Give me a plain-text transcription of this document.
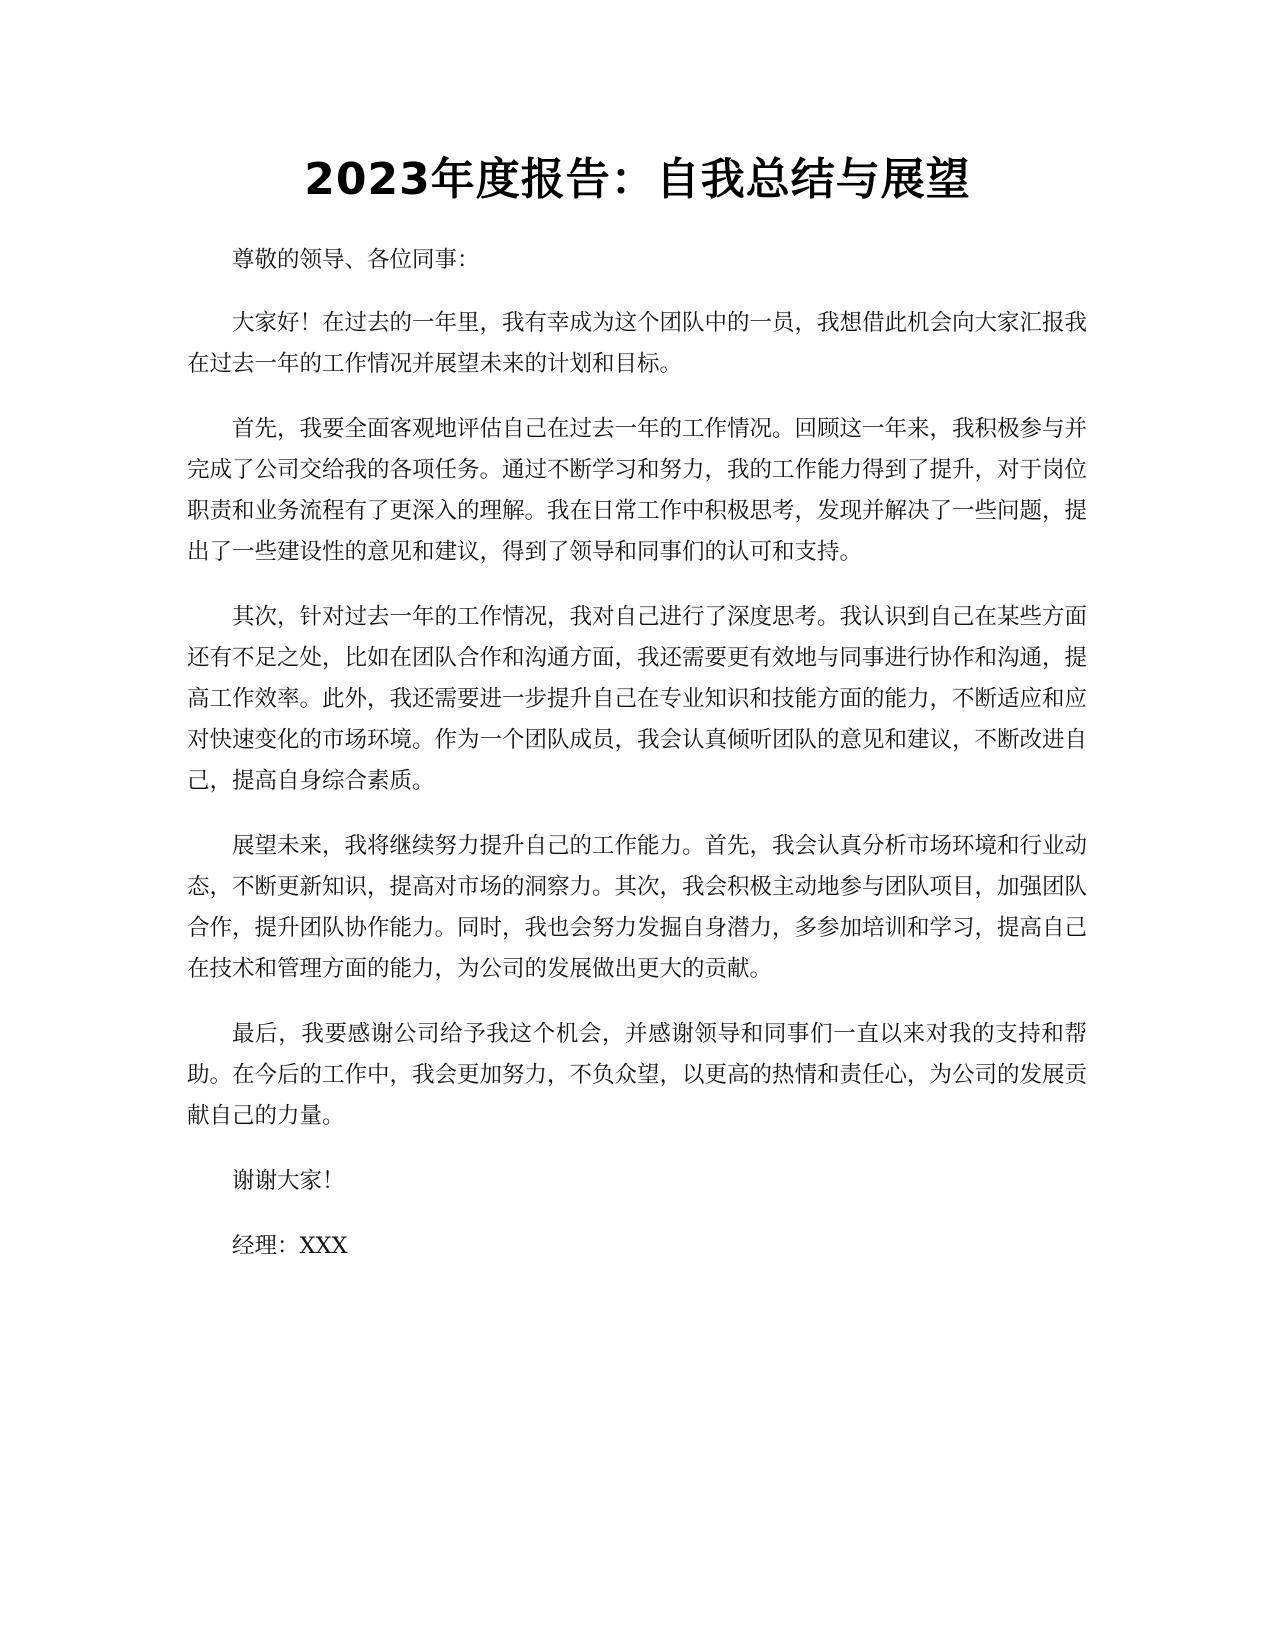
2023年度报告：自我总结与展望

尊敬的领导、各位同事：

大家好！在过去的一年里，我有幸成为这个团队中的一员，我想借此机会向大家汇报我在过去一年的工作情况并展望未来的计划和目标。

首先，我要全面客观地评估自己在过去一年的工作情况。回顾这一年来，我积极参与并完成了公司交给我的各项任务。通过不断学习和努力，我的工作能力得到了提升，对于岗位职责和业务流程有了更深入的理解。我在日常工作中积极思考，发现并解决了一些问题，提出了一些建设性的意见和建议，得到了领导和同事们的认可和支持。

其次，针对过去一年的工作情况，我对自己进行了深度思考。我认识到自己在某些方面还有不足之处，比如在团队合作和沟通方面，我还需要更有效地与同事进行协作和沟通，提高工作效率。此外，我还需要进一步提升自己在专业知识和技能方面的能力，不断适应和应对快速变化的市场环境。作为一个团队成员，我会认真倾听团队的意见和建议，不断改进自己，提高自身综合素质。

展望未来，我将继续努力提升自己的工作能力。首先，我会认真分析市场环境和行业动态，不断更新知识，提高对市场的洞察力。其次，我会积极主动地参与团队项目，加强团队合作，提升团队协作能力。同时，我也会努力发掘自身潜力，多参加培训和学习，提高自己在技术和管理方面的能力，为公司的发展做出更大的贡献。

最后，我要感谢公司给予我这个机会，并感谢领导和同事们一直以来对我的支持和帮助。在今后的工作中，我会更加努力，不负众望，以更高的热情和责任心，为公司的发展贡献自己的力量。

谢谢大家！

经理：XXX
